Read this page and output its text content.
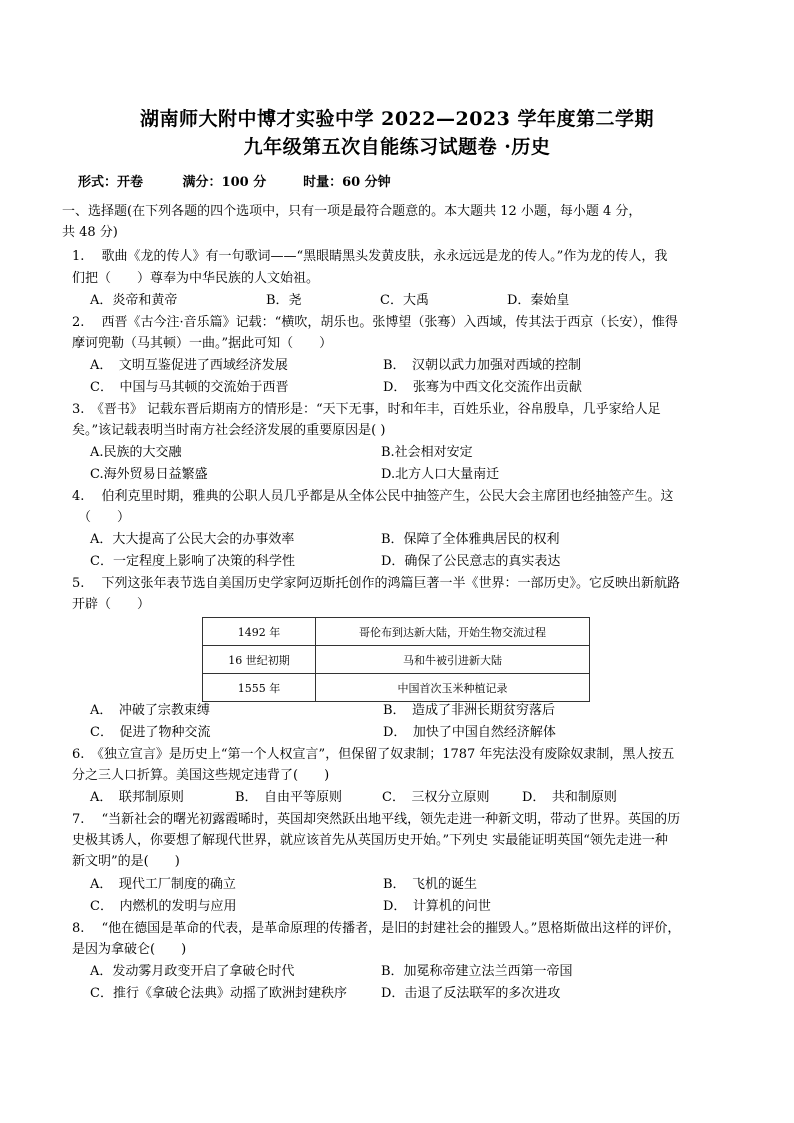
湖南师大附中博才实验中学 2022—2023 学年度第二学期
九年级第五次自能练习试题卷 ·历史
形式：开卷	满分：100 分	时量：60 分钟
一、选择题(在下列各题的四个选项中，只有一项是最符合题意的。本大题共 12 小题，每小题 4 分，
共 48 分)
1.　 歌曲《龙的传人》有一句歌词——“黑眼睛黑头发黄皮肤，永永远远是龙的传人。”作为龙的传人，我
们把（　　）尊奉为中华民族的人文始祖。
A．炎帝和黄帝	B．尧	C．大禹	D．秦始皇
2.　 西晋《古今注·音乐篇》记载：“横吹，胡乐也。张博望（张骞）入西域，传其法于西京（长安），惟得
摩诃兜勒（马其顿）一曲。”据此可知（　　）
A．　文明互鉴促进了西域经济发展	B．　汉朝以武力加强对西域的控制
C．　中国与马其顿的交流始于西晋	D．　张骞为中西文化交流作出贡献
3.　《晋书》 记载东晋后期南方的情形是：“天下无事，时和年丰，百姓乐业，谷帛殷阜，几乎家给人足
矣。”该记载表明当时南方社会经济发展的重要原因是( )
A.民族的大交融	B.社会相对安定
C.海外贸易日益繁盛	D.北方人口大量南迁
4.　 伯利克里时期，雅典的公职人员几乎都是从全体公民中抽签产生，公民大会主席团也经抽签产生。这
（　　）
A．大大提高了公民大会的办事效率	B．保障了全体雅典居民的权利
C．一定程度上影响了决策的科学性	D．确保了公民意志的真实表达
5.　 下列这张年表节选自美国历史学家阿迈斯托创作的鸿篇巨著一半《世界：一部历史》。它反映出新航路
开辟（　　）
1492 年	哥伦布到达新大陆，开始生物交流过程
16 世纪初期	马和牛被引进新大陆
1555 年	中国首次玉米种植记录
A．　冲破了宗教束缚	B．　造成了非洲长期贫穷落后
C．　促进了物种交流	D．　加快了中国自然经济解体
6.　《独立宣言》是历史上“第一个人权宣言”，但保留了奴隶制；1787 年宪法没有废除奴隶制，黑人按五
分之三人口折算。美国这些规定违背了(　　)
A．　联邦制原则	B．　自由平等原则	C．　三权分立原则	D．　共和制原则
7.　 “当新社会的曙光初露霞晞时，英国却突然跃出地平线，领先走进一种新文明，带动了世界。英国的历
史极其诱人，你要想了解现代世界，就应该首先从英国历史开始。”下列史 实最能证明英国“领先走进一种
新文明”的是(　　)
A．　现代工厂制度的确立	B．　飞机的诞生
C．　内燃机的发明与应用	D．　计算机的问世
8.　 “他在德国是革命的代表，是革命原理的传播者，是旧的封建社会的摧毁人。”恩格斯做出这样的评价，
是因为拿破仑(　　)
A．发动雾月政变开启了拿破仑时代	B．加冕称帝建立法兰西第一帝国
C．推行《拿破仑法典》动摇了欧洲封建秩序	D．击退了反法联军的多次进攻
